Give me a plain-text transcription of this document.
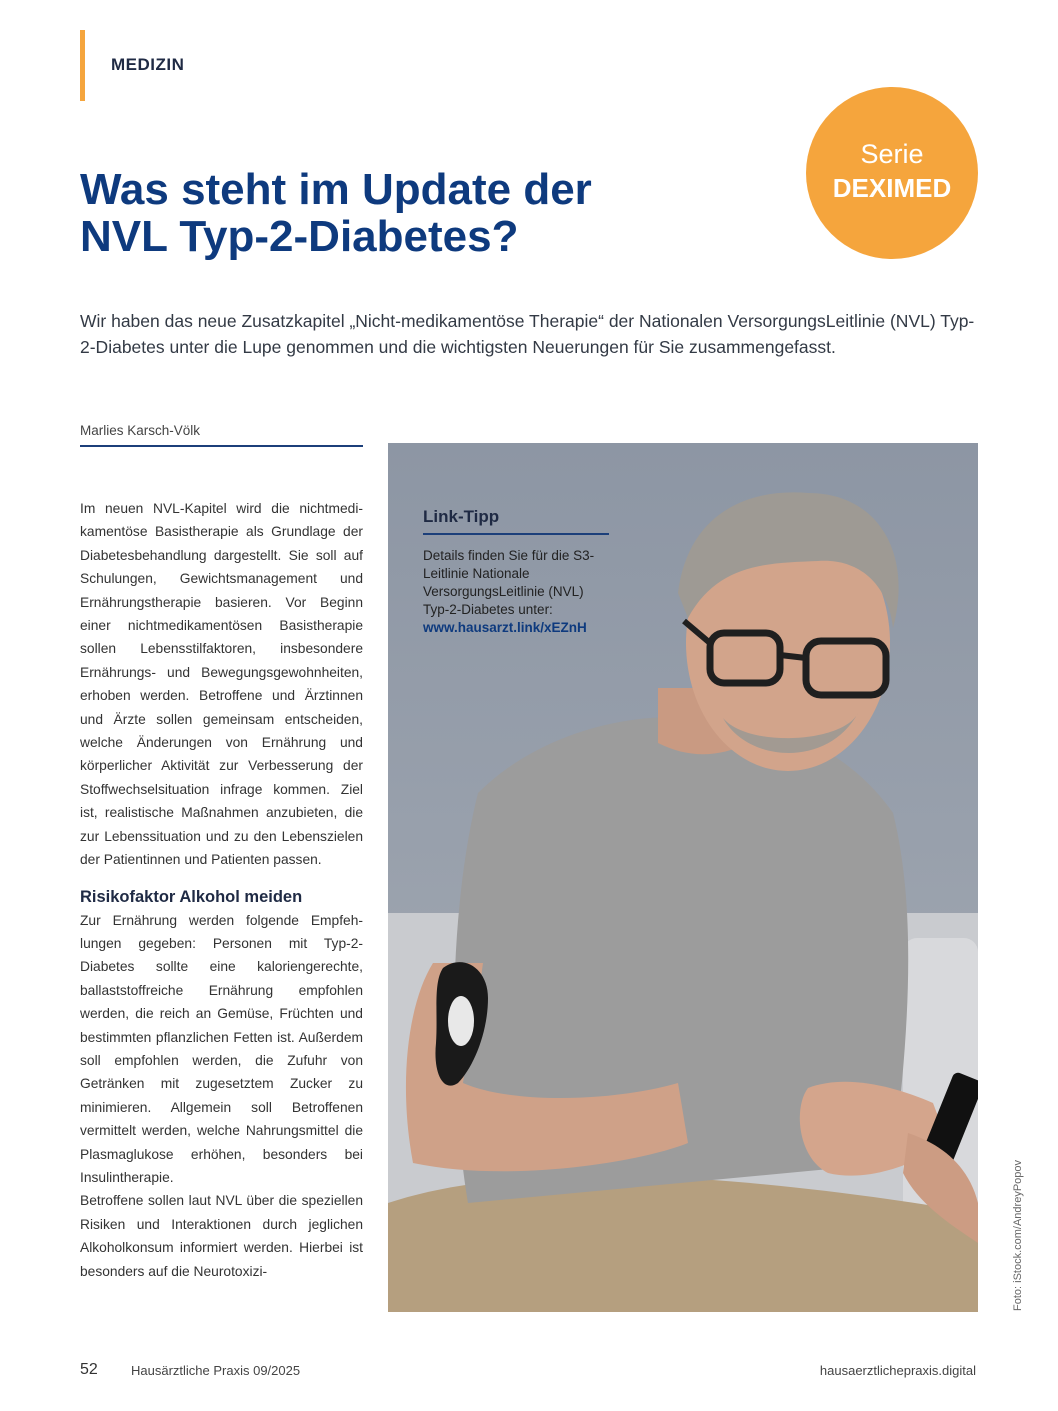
MEDIZIN
Serie
DEXIMED
Was steht im Update der
NVL Typ-2-Diabetes?

Wir haben das neue Zusatzkapitel „Nicht-medikamentöse Therapie“ der Nationalen VersorgungsLeitlinie (NVL) Typ-2-Diabetes unter die Lupe genommen und die wichtigsten Neuerungen für Sie zusammengefasst.

Marlies Karsch-Völk

Im neuen NVL-Kapitel wird die nichtmedikamentöse Basistherapie als Grundlage der Diabetesbehandlung dargestellt. Sie soll auf Schulungen, Gewichtsmanagement und Ernährungstherapie basieren. Vor Beginn einer nichtmedikamentösen Basistherapie sollen Lebensstilfaktoren, insbesondere Ernährungs- und Bewegungsgewohnheiten, erhoben werden. Betroffene und Ärztinnen und Ärzte sollen gemeinsam entscheiden, welche Änderungen von Ernährung und körperlicher Aktivität zur Verbesserung der Stoffwechselsituation infrage kommen. Ziel ist, realistische Maßnahmen anzubieten, die zur Lebenssituation und zu den Lebenszielen der Patientinnen und Patienten passen.

Risikofaktor Alkohol meiden

Zur Ernährung werden folgende Empfehlungen gegeben: Personen mit Typ-2-Diabetes sollte eine kaloriengerechte, ballaststoffreiche Ernährung empfohlen werden, die reich an Gemüse, Früchten und bestimmten pflanzlichen Fetten ist. Außerdem soll empfohlen werden, die Zufuhr von Getränken mit zugesetztem Zucker zu minimieren. Allgemein soll Betroffenen vermittelt werden, welche Nahrungsmittel die Plasmaglukose erhöhen, besonders bei Insulintherapie.

Betroffene sollen laut NVL über die speziellen Risiken und Interaktionen durch jeglichen Alkoholkonsum informiert werden. Hierbei ist besonders auf die Neurotoxizi-

Link-Tipp
Details finden Sie für die S3-Leitlinie Nationale VersorgungsLeitlinie (NVL) Typ-2-Diabetes unter:
www.hausarzt.link/xEZnH
Foto: iStock.com/AndreyPopov
52	Hausärztliche Praxis 09/2025	hausaerztlichepraxis.digital
